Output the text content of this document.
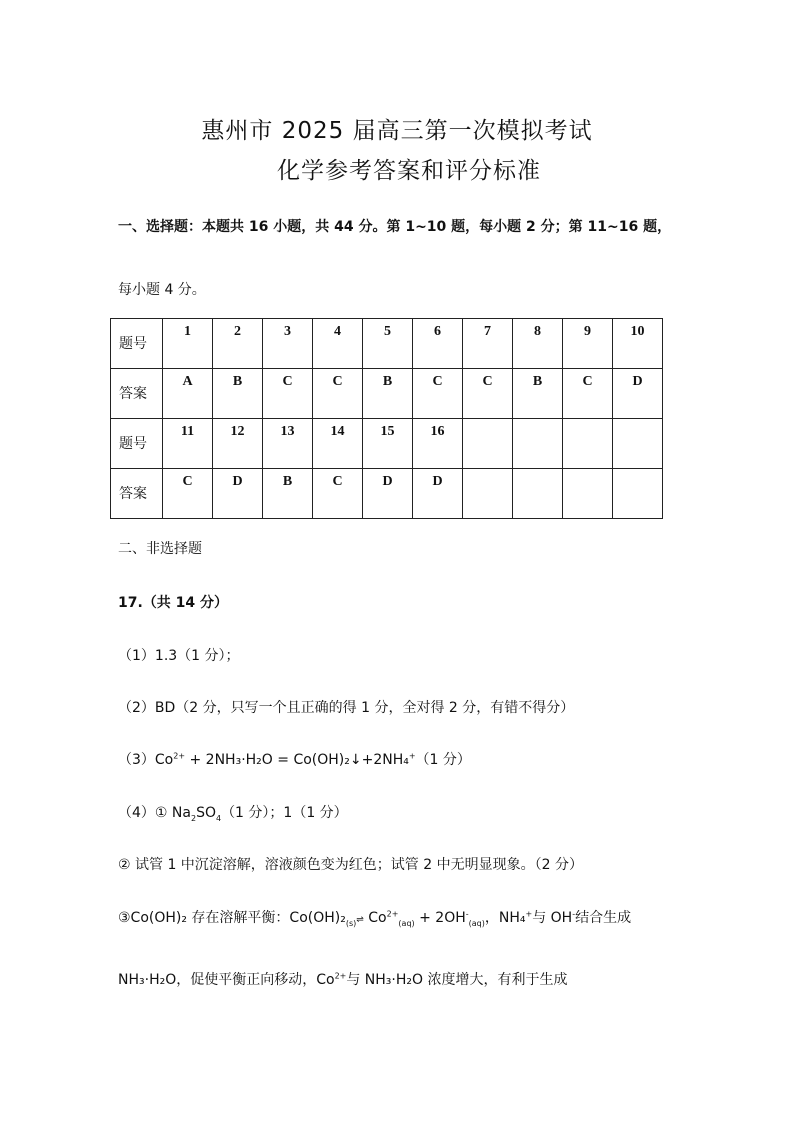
惠州市 2025 届高三第一次模拟考试
化学参考答案和评分标准
一、选择题：本题共 16 小题，共 44 分。第 1~10 题，每小题 2 分；第 11~16 题，
每小题 4 分。
题号	1	2	3	4	5	6	7	8	9	10
答案	A	B	C	C	B	C	C	B	C	D
题号	11	12	13	14	15	16				
答案	C	D	B	C	D	D				
二、非选择题
17.（共 14 分）
（1）1.3（1 分）；
（2）BD（2 分，只写一个且正确的得 1 分，全对得 2 分，有错不得分）
$(3)Co^{2+} + 2NH_3\cdot H_2O$ = Co(OH)₂↓+2NH₄+（1 分）
（4）① $Na_2SO_4(1$ 分）；1（1 分）
② 试管 1 中沉淀溶解，溶液颜色变为红色；试管 2 中无明显现象。（2 分）
③Co(OH)₂ 存在溶解平衡：$Co(OH)_2_{(s)}\rightleftharpoons$ $Co^{2+}_{(aq)} + 2OH^-_{(aq)}$，NH₄+与 OH-结合生成
NH₃·H₂O，促使平衡正向移动，$Co^{2+}$与 NH₃·H₂O 浓度增大，有利于生成
